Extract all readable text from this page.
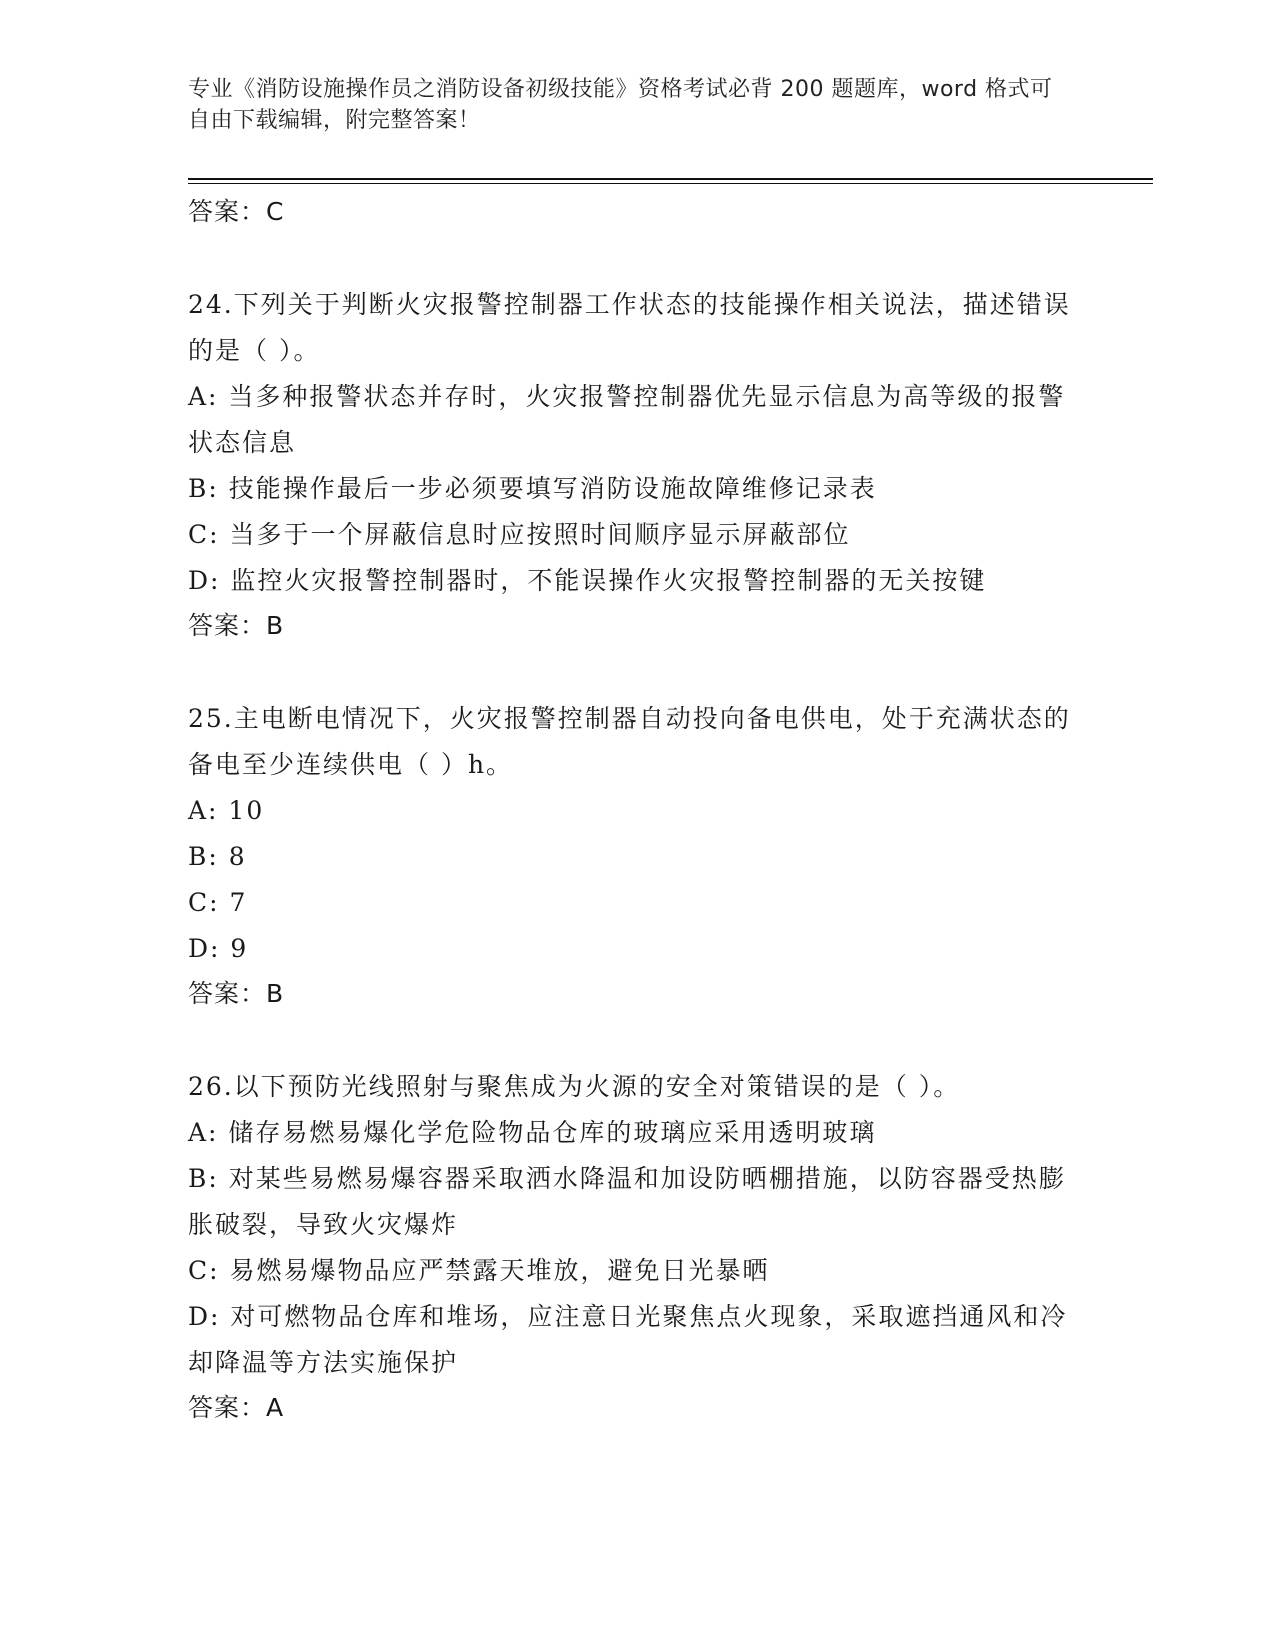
专业《消防设施操作员之消防设备初级技能》资格考试必背 200 题题库，word 格式可自由下载编辑，附完整答案！
答案：C

24.下列关于判断火灾报警控制器工作状态的技能操作相关说法，描述错误的是（ ）。

A: 当多种报警状态并存时，火灾报警控制器优先显示信息为高等级的报警状态信息

B: 技能操作最后一步必须要填写消防设施故障维修记录表

C: 当多于一个屏蔽信息时应按照时间顺序显示屏蔽部位

D: 监控火灾报警控制器时，不能误操作火灾报警控制器的无关按键

答案：B

25.主电断电情况下，火灾报警控制器自动投向备电供电，处于充满状态的备电至少连续供电（ ）h。

A: 10

B: 8

C: 7

D: 9

答案：B

26.以下预防光线照射与聚焦成为火源的安全对策错误的是（ ）。

A: 储存易燃易爆化学危险物品仓库的玻璃应采用透明玻璃

B: 对某些易燃易爆容器采取洒水降温和加设防晒棚措施，以防容器受热膨胀破裂，导致火灾爆炸

C: 易燃易爆物品应严禁露天堆放，避免日光暴晒

D: 对可燃物品仓库和堆场，应注意日光聚焦点火现象，采取遮挡通风和冷却降温等方法实施保护

答案：A
